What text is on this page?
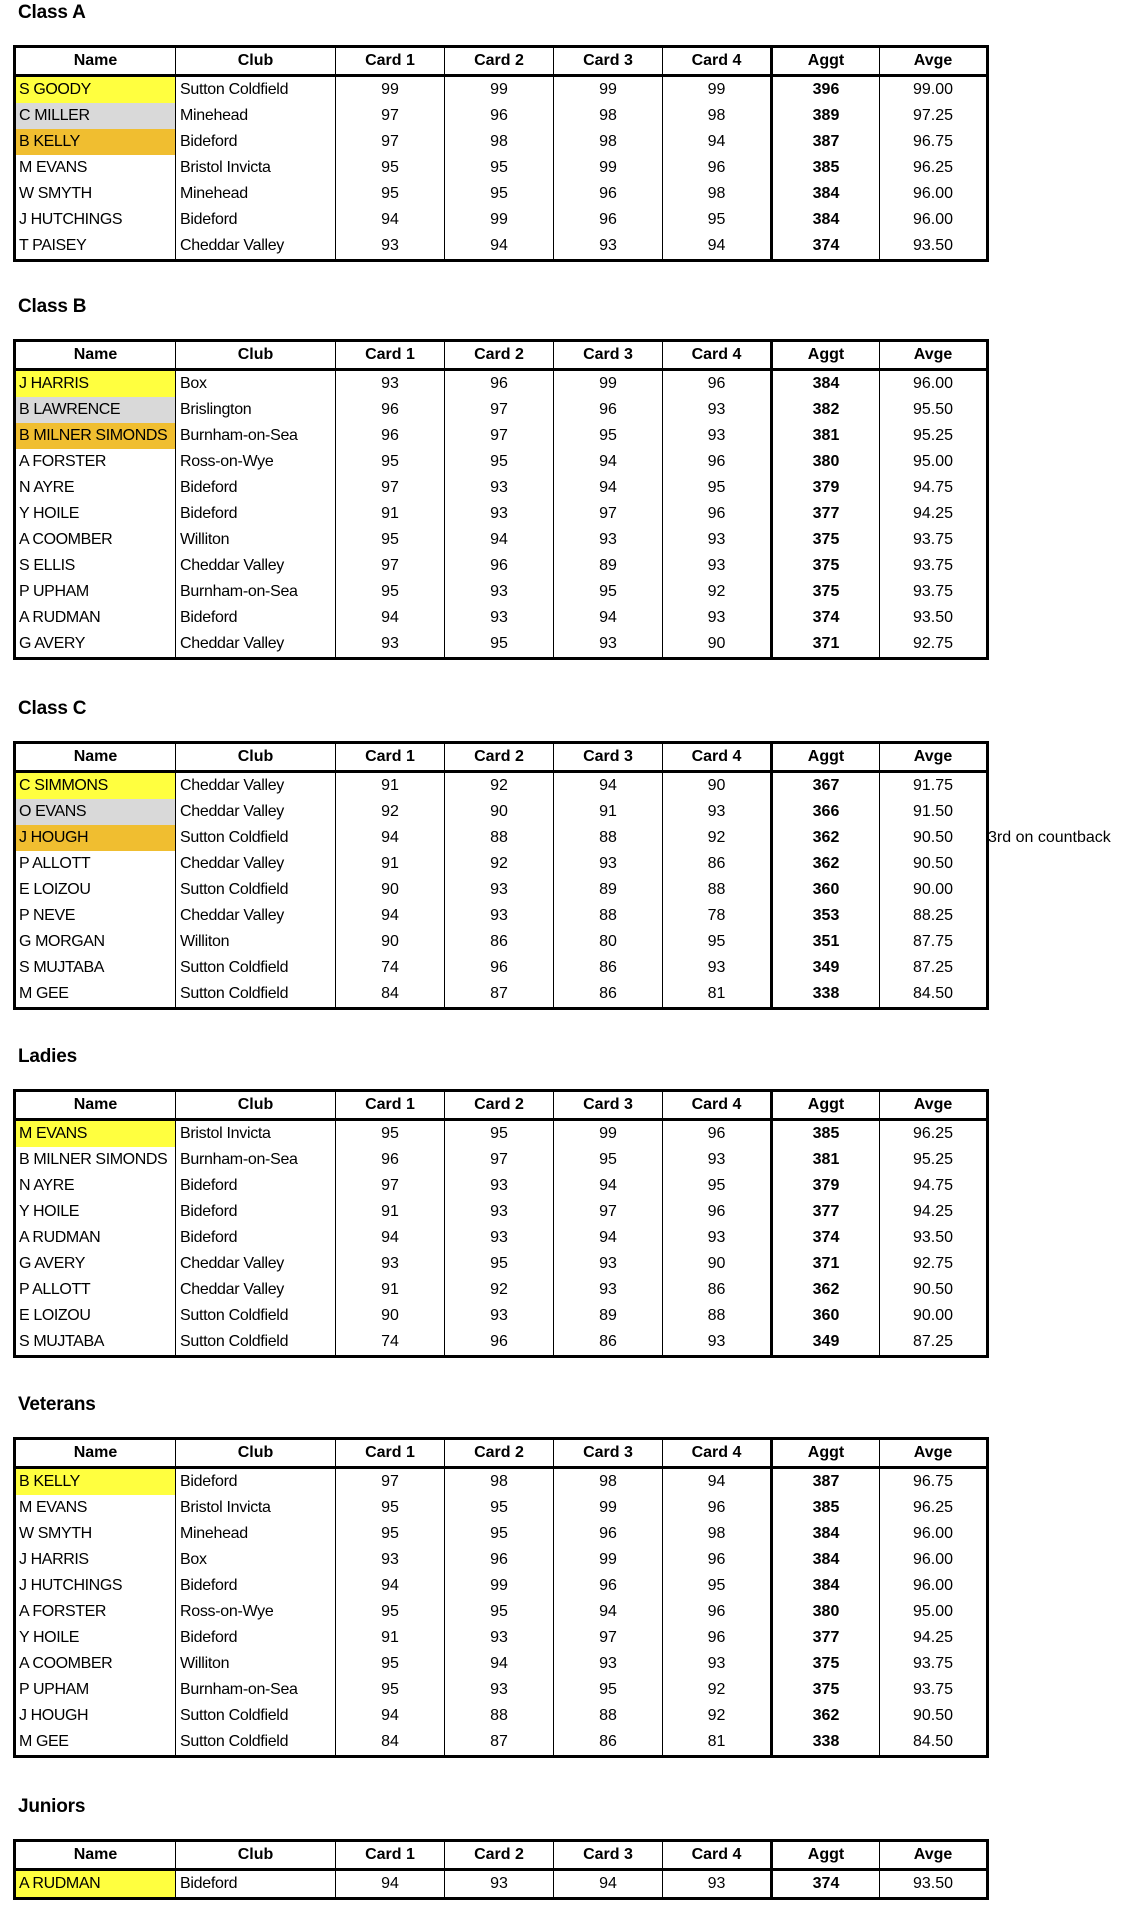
Class A
Name	Club	Card 1	Card 2	Card 3	Card 4	Aggt	Avge
S GOODY	Sutton Coldfield	99	99	99	99	396	99.00
C MILLER	Minehead	97	96	98	98	389	97.25
B KELLY	Bideford	97	98	98	94	387	96.75
M EVANS	Bristol Invicta	95	95	99	96	385	96.25
W SMYTH	Minehead	95	95	96	98	384	96.00
J HUTCHINGS	Bideford	94	99	96	95	384	96.00
T PAISEY	Cheddar Valley	93	94	93	94	374	93.50
Class B
Name	Club	Card 1	Card 2	Card 3	Card 4	Aggt	Avge
J HARRIS	Box	93	96	99	96	384	96.00
B LAWRENCE	Brislington	96	97	96	93	382	95.50
B MILNER SIMONDS	Burnham-on-Sea	96	97	95	93	381	95.25
A FORSTER	Ross-on-Wye	95	95	94	96	380	95.00
N AYRE	Bideford	97	93	94	95	379	94.75
Y HOILE	Bideford	91	93	97	96	377	94.25
A COOMBER	Williton	95	94	93	93	375	93.75
S ELLIS	Cheddar Valley	97	96	89	93	375	93.75
P UPHAM	Burnham-on-Sea	95	93	95	92	375	93.75
A RUDMAN	Bideford	94	93	94	93	374	93.50
G AVERY	Cheddar Valley	93	95	93	90	371	92.75
Class C
Name	Club	Card 1	Card 2	Card 3	Card 4	Aggt	Avge
C SIMMONS	Cheddar Valley	91	92	94	90	367	91.75
O EVANS	Cheddar Valley	92	90	91	93	366	91.50
J HOUGH	Sutton Coldfield	94	88	88	92	362	90.50
P ALLOTT	Cheddar Valley	91	92	93	86	362	90.50
E LOIZOU	Sutton Coldfield	90	93	89	88	360	90.00
P NEVE	Cheddar Valley	94	93	88	78	353	88.25
G MORGAN	Williton	90	86	80	95	351	87.75
S MUJTABA	Sutton Coldfield	74	96	86	93	349	87.25
M GEE	Sutton Coldfield	84	87	86	81	338	84.50
3rd on countback
Ladies
Name	Club	Card 1	Card 2	Card 3	Card 4	Aggt	Avge
M EVANS	Bristol Invicta	95	95	99	96	385	96.25
B MILNER SIMONDS	Burnham-on-Sea	96	97	95	93	381	95.25
N AYRE	Bideford	97	93	94	95	379	94.75
Y HOILE	Bideford	91	93	97	96	377	94.25
A RUDMAN	Bideford	94	93	94	93	374	93.50
G AVERY	Cheddar Valley	93	95	93	90	371	92.75
P ALLOTT	Cheddar Valley	91	92	93	86	362	90.50
E LOIZOU	Sutton Coldfield	90	93	89	88	360	90.00
S MUJTABA	Sutton Coldfield	74	96	86	93	349	87.25
Veterans
Name	Club	Card 1	Card 2	Card 3	Card 4	Aggt	Avge
B KELLY	Bideford	97	98	98	94	387	96.75
M EVANS	Bristol Invicta	95	95	99	96	385	96.25
W SMYTH	Minehead	95	95	96	98	384	96.00
J HARRIS	Box	93	96	99	96	384	96.00
J HUTCHINGS	Bideford	94	99	96	95	384	96.00
A FORSTER	Ross-on-Wye	95	95	94	96	380	95.00
Y HOILE	Bideford	91	93	97	96	377	94.25
A COOMBER	Williton	95	94	93	93	375	93.75
P UPHAM	Burnham-on-Sea	95	93	95	92	375	93.75
J HOUGH	Sutton Coldfield	94	88	88	92	362	90.50
M GEE	Sutton Coldfield	84	87	86	81	338	84.50
Juniors
Name	Club	Card 1	Card 2	Card 3	Card 4	Aggt	Avge
A RUDMAN	Bideford	94	93	94	93	374	93.50
